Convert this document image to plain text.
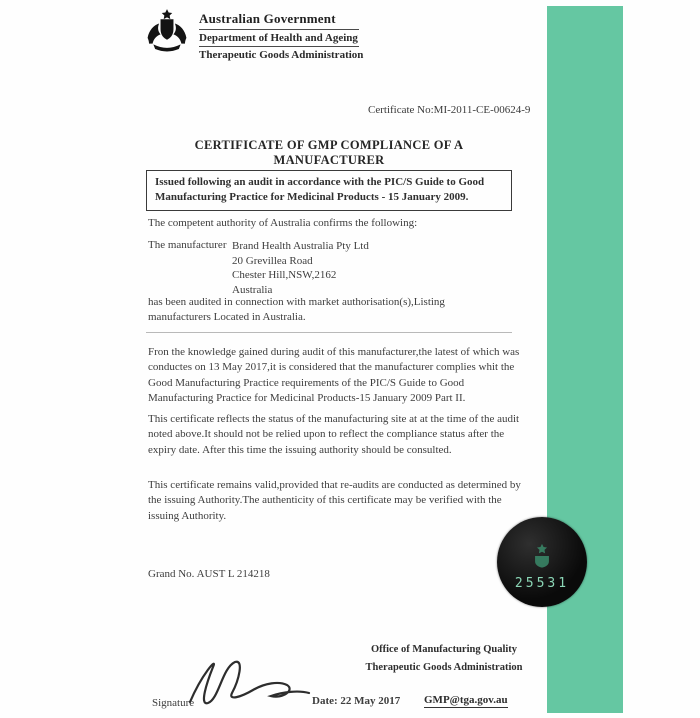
Australian Government
Department of Health and Ageing
Therapeutic Goods Administration
Certificate No:MI-2011-CE-00624-9
CERTIFICATE OF GMP COMPLIANCE OF A MANUFACTURER
Issued following an audit in accordance with the PIC/S Guide to Good Manufacturing Practice for Medicinal Products - 15 January 2009.
The competent authority of Australia confirms the following:
The manufacturer Brand Health Australia Pty Ltd
20 Grevillea Road
Chester Hill,NSW,2162
Australia
has been audited in connection with market authorisation(s),Listing manufacturers Located in Australia.
Fron the knowledge gained during audit of this manufacturer,the latest of which was conductes on 13 May 2017,it is considered that the manufacturer complies whit the Good Manufacturing Practice requirements of the PIC/S Guide to Good Manufacturing Practice for Medicinal Products-15 January 2009 Part II.
This certificate reflects the status of the manufacturing site at at the time of the audit noted above.It should not be relied upon to reflect the compliance status after the expiry date. After this time the issuing authority should be consulted.
This certificate remains valid,provided that re-audits are conducted as determined by the issuing Authority.The authenticity of this certificate may be verified with the issuing Authority.
Grand No. AUST L 214218
25531
Office of Manufacturing Quality
Therapeutic Goods Administration
Signature	Date: 22 May 2017 GMP@tga.gov.au
